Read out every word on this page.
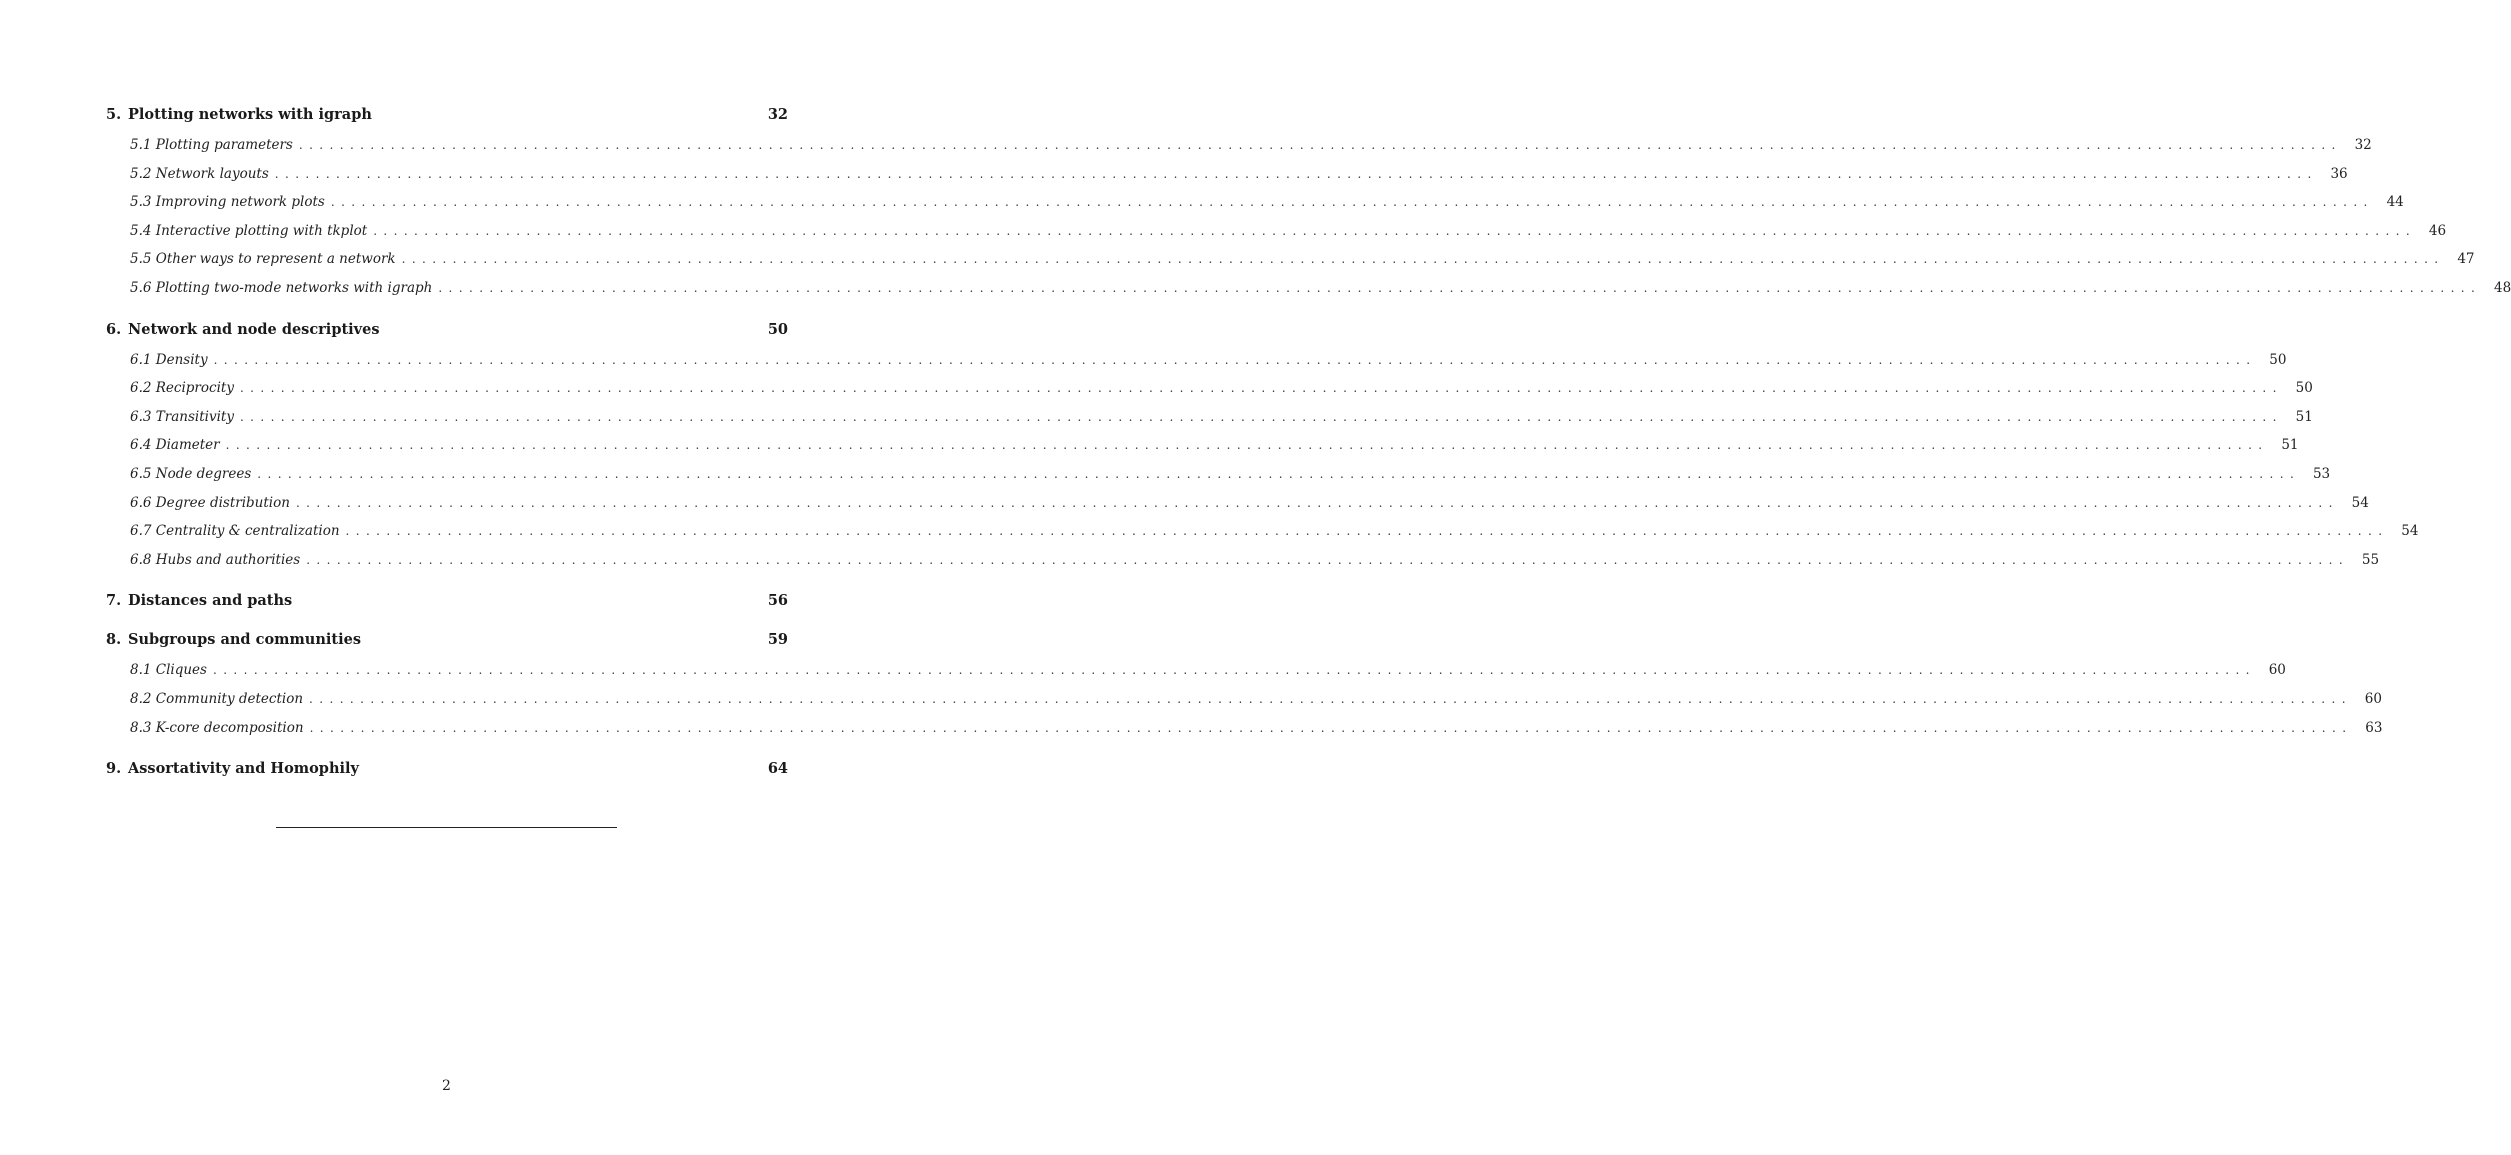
5. Plotting networks with igraph	32
5.1 Plotting parameters ........................................................................................................................................................................................................ 32
5.2 Network layouts ........................................................................................................................................................................................................ 36
5.3 Improving network plots ........................................................................................................................................................................................................ 44
5.4 Interactive plotting with tkplot ........................................................................................................................................................................................................ 46
5.5 Other ways to represent a network ........................................................................................................................................................................................................ 47
5.6 Plotting two-mode networks with igraph ........................................................................................................................................................................................................ 48
6. Network and node descriptives	50
6.1 Density ........................................................................................................................................................................................................ 50
6.2 Reciprocity ........................................................................................................................................................................................................ 50
6.3 Transitivity ........................................................................................................................................................................................................ 51
6.4 Diameter ........................................................................................................................................................................................................ 51
6.5 Node degrees ........................................................................................................................................................................................................ 53
6.6 Degree distribution ........................................................................................................................................................................................................ 54
6.7 Centrality & centralization ........................................................................................................................................................................................................ 54
6.8 Hubs and authorities ........................................................................................................................................................................................................ 55
7. Distances and paths	56
8. Subgroups and communities	59
8.1 Cliques ........................................................................................................................................................................................................ 60
8.2 Community detection ........................................................................................................................................................................................................ 60
8.3 K-core decomposition ........................................................................................................................................................................................................ 63
9. Assortativity and Homophily	64
2
